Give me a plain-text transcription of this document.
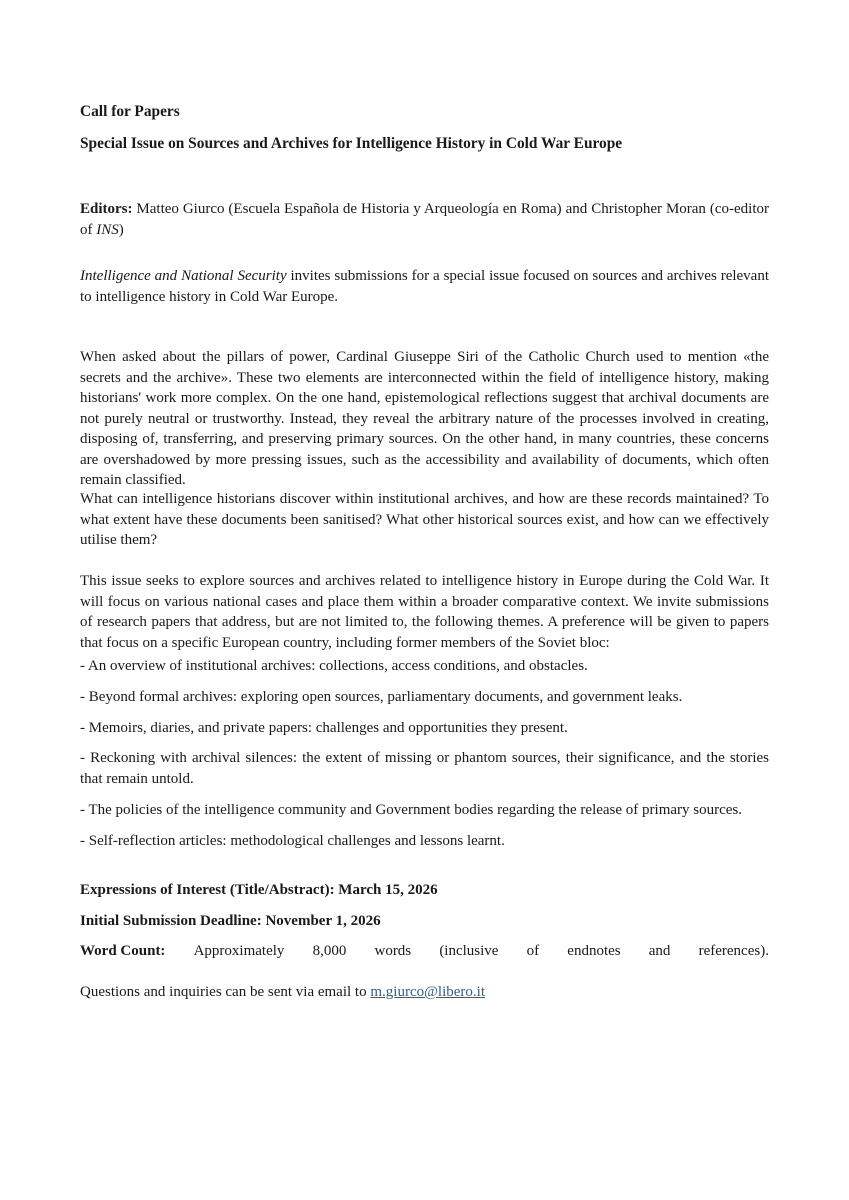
Call for Papers

Special Issue on Sources and Archives for Intelligence History in Cold War Europe

Editors: Matteo Giurco (Escuela Española de Historia y Arqueología en Roma) and Christopher Moran (co-editor of INS)

Intelligence and National Security invites submissions for a special issue focused on sources and archives relevant to intelligence history in Cold War Europe.

When asked about the pillars of power, Cardinal Giuseppe Siri of the Catholic Church used to mention «the secrets and the archive». These two elements are interconnected within the field of intelligence history, making historians' work more complex. On the one hand, epistemological reflections suggest that archival documents are not purely neutral or trustworthy. Instead, they reveal the arbitrary nature of the processes involved in creating, disposing of, transferring, and preserving primary sources. On the other hand, in many countries, these concerns are overshadowed by more pressing issues, such as the accessibility and availability of documents, which often remain classified.

What can intelligence historians discover within institutional archives, and how are these records maintained? To what extent have these documents been sanitised? What other historical sources exist, and how can we effectively utilise them?

This issue seeks to explore sources and archives related to intelligence history in Europe during the Cold War. It will focus on various national cases and place them within a broader comparative context. We invite submissions of research papers that address, but are not limited to, the following themes. A preference will be given to papers that focus on a specific European country, including former members of the Soviet bloc:

- An overview of institutional archives: collections, access conditions, and obstacles.

- Beyond formal archives: exploring open sources, parliamentary documents, and government leaks.

- Memoirs, diaries, and private papers: challenges and opportunities they present.

- Reckoning with archival silences: the extent of missing or phantom sources, their significance, and the stories that remain untold.

- The policies of the intelligence community and Government bodies regarding the release of primary sources.

- Self-reflection articles: methodological challenges and lessons learnt.

Expressions of Interest (Title/Abstract): March 15, 2026

Initial Submission Deadline: November 1, 2026

Word Count: Approximately 8,000 words (inclusive of endnotes and references).

Questions and inquiries can be sent via email to m.giurco@libero.it
